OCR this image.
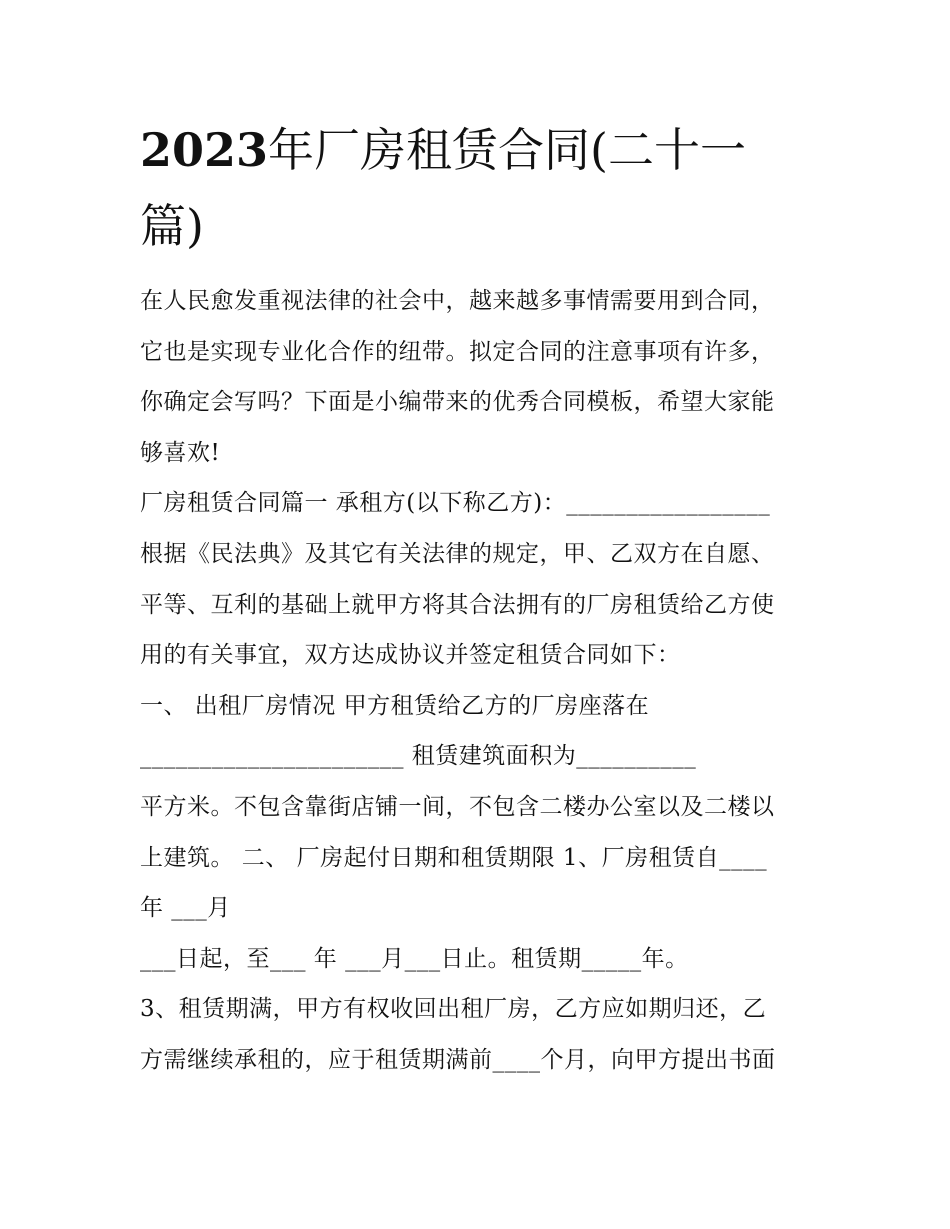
2023年厂房租赁合同(二十一
篇)
在人民愈发重视法律的社会中，越来越多事情需要用到合同，
它也是实现专业化合作的纽带。拟定合同的注意事项有许多，
你确定会写吗？下面是小编带来的优秀合同模板，希望大家能
够喜欢!
厂房租赁合同篇一 承租方(以下称乙方)：_________________
根据《民法典》及其它有关法律的规定，甲、乙双方在自愿、
平等、互利的基础上就甲方将其合法拥有的厂房租赁给乙方使
用的有关事宜，双方达成协议并签定租赁合同如下：
一、 出租厂房情况 甲方租赁给乙方的厂房座落在
______________________ 租赁建筑面积为__________
平方米。不包含靠街店铺一间，不包含二楼办公室以及二楼以
上建筑。 二、 厂房起付日期和租赁期限 1、厂房租赁自____
年 ___月
___日起，至___ 年 ___月___日止。租赁期_____年。
3、租赁期满，甲方有权收回出租厂房，乙方应如期归还，乙
方需继续承租的，应于租赁期满前____个月，向甲方提出书面
